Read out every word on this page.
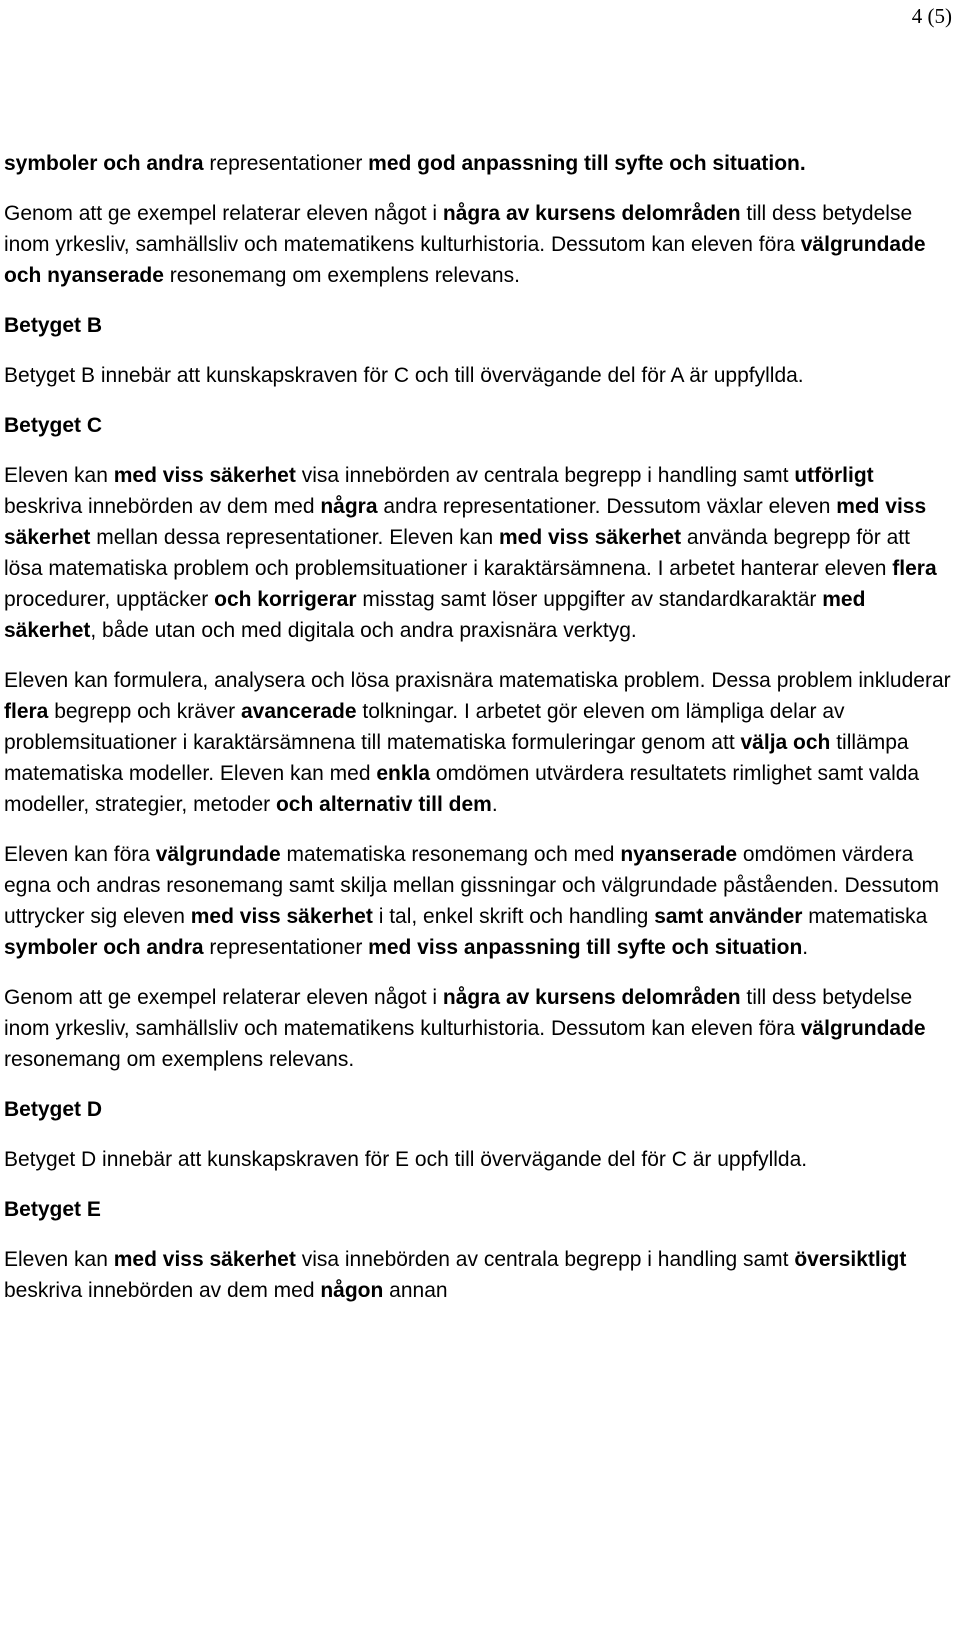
4 (5)

symboler och andra representationer med god anpassning till syfte och situation.

Genom att ge exempel relaterar eleven något i några av kursens delområden till dess betydelse inom yrkesliv, samhällsliv och matematikens kulturhistoria. Dessutom kan eleven föra välgrundade och nyanserade resonemang om exemplens relevans.

Betyget B

Betyget B innebär att kunskapskraven för C och till övervägande del för A är uppfyllda.

Betyget C

Eleven kan med viss säkerhet visa innebörden av centrala begrepp i handling samt utförligt beskriva innebörden av dem med några andra representationer. Dessutom växlar eleven med viss säkerhet mellan dessa representationer. Eleven kan med viss säkerhet använda begrepp för att lösa matematiska problem och problemsituationer i karaktärsämnena. I arbetet hanterar eleven flera procedurer, upptäcker och korrigerar misstag samt löser uppgifter av standardkaraktär med säkerhet, både utan och med digitala och andra praxisnära verktyg.

Eleven kan formulera, analysera och lösa praxisnära matematiska problem. Dessa problem inkluderar flera begrepp och kräver avancerade tolkningar. I arbetet gör eleven om lämpliga delar av problemsituationer i karaktärsämnena till matematiska formuleringar genom att välja och tillämpa matematiska modeller. Eleven kan med enkla omdömen utvärdera resultatets rimlighet samt valda modeller, strategier, metoder och alternativ till dem.

Eleven kan föra välgrundade matematiska resonemang och med nyanserade omdömen värdera egna och andras resonemang samt skilja mellan gissningar och välgrundade påståenden. Dessutom uttrycker sig eleven med viss säkerhet i tal, enkel skrift och handling samt använder matematiska symboler och andra representationer med viss anpassning till syfte och situation.

Genom att ge exempel relaterar eleven något i några av kursens delområden till dess betydelse inom yrkesliv, samhällsliv och matematikens kulturhistoria. Dessutom kan eleven föra välgrundade resonemang om exemplens relevans.

Betyget D

Betyget D innebär att kunskapskraven för E och till övervägande del för C är uppfyllda.

Betyget E

Eleven kan med viss säkerhet visa innebörden av centrala begrepp i handling samt översiktligt beskriva innebörden av dem med någon annan
